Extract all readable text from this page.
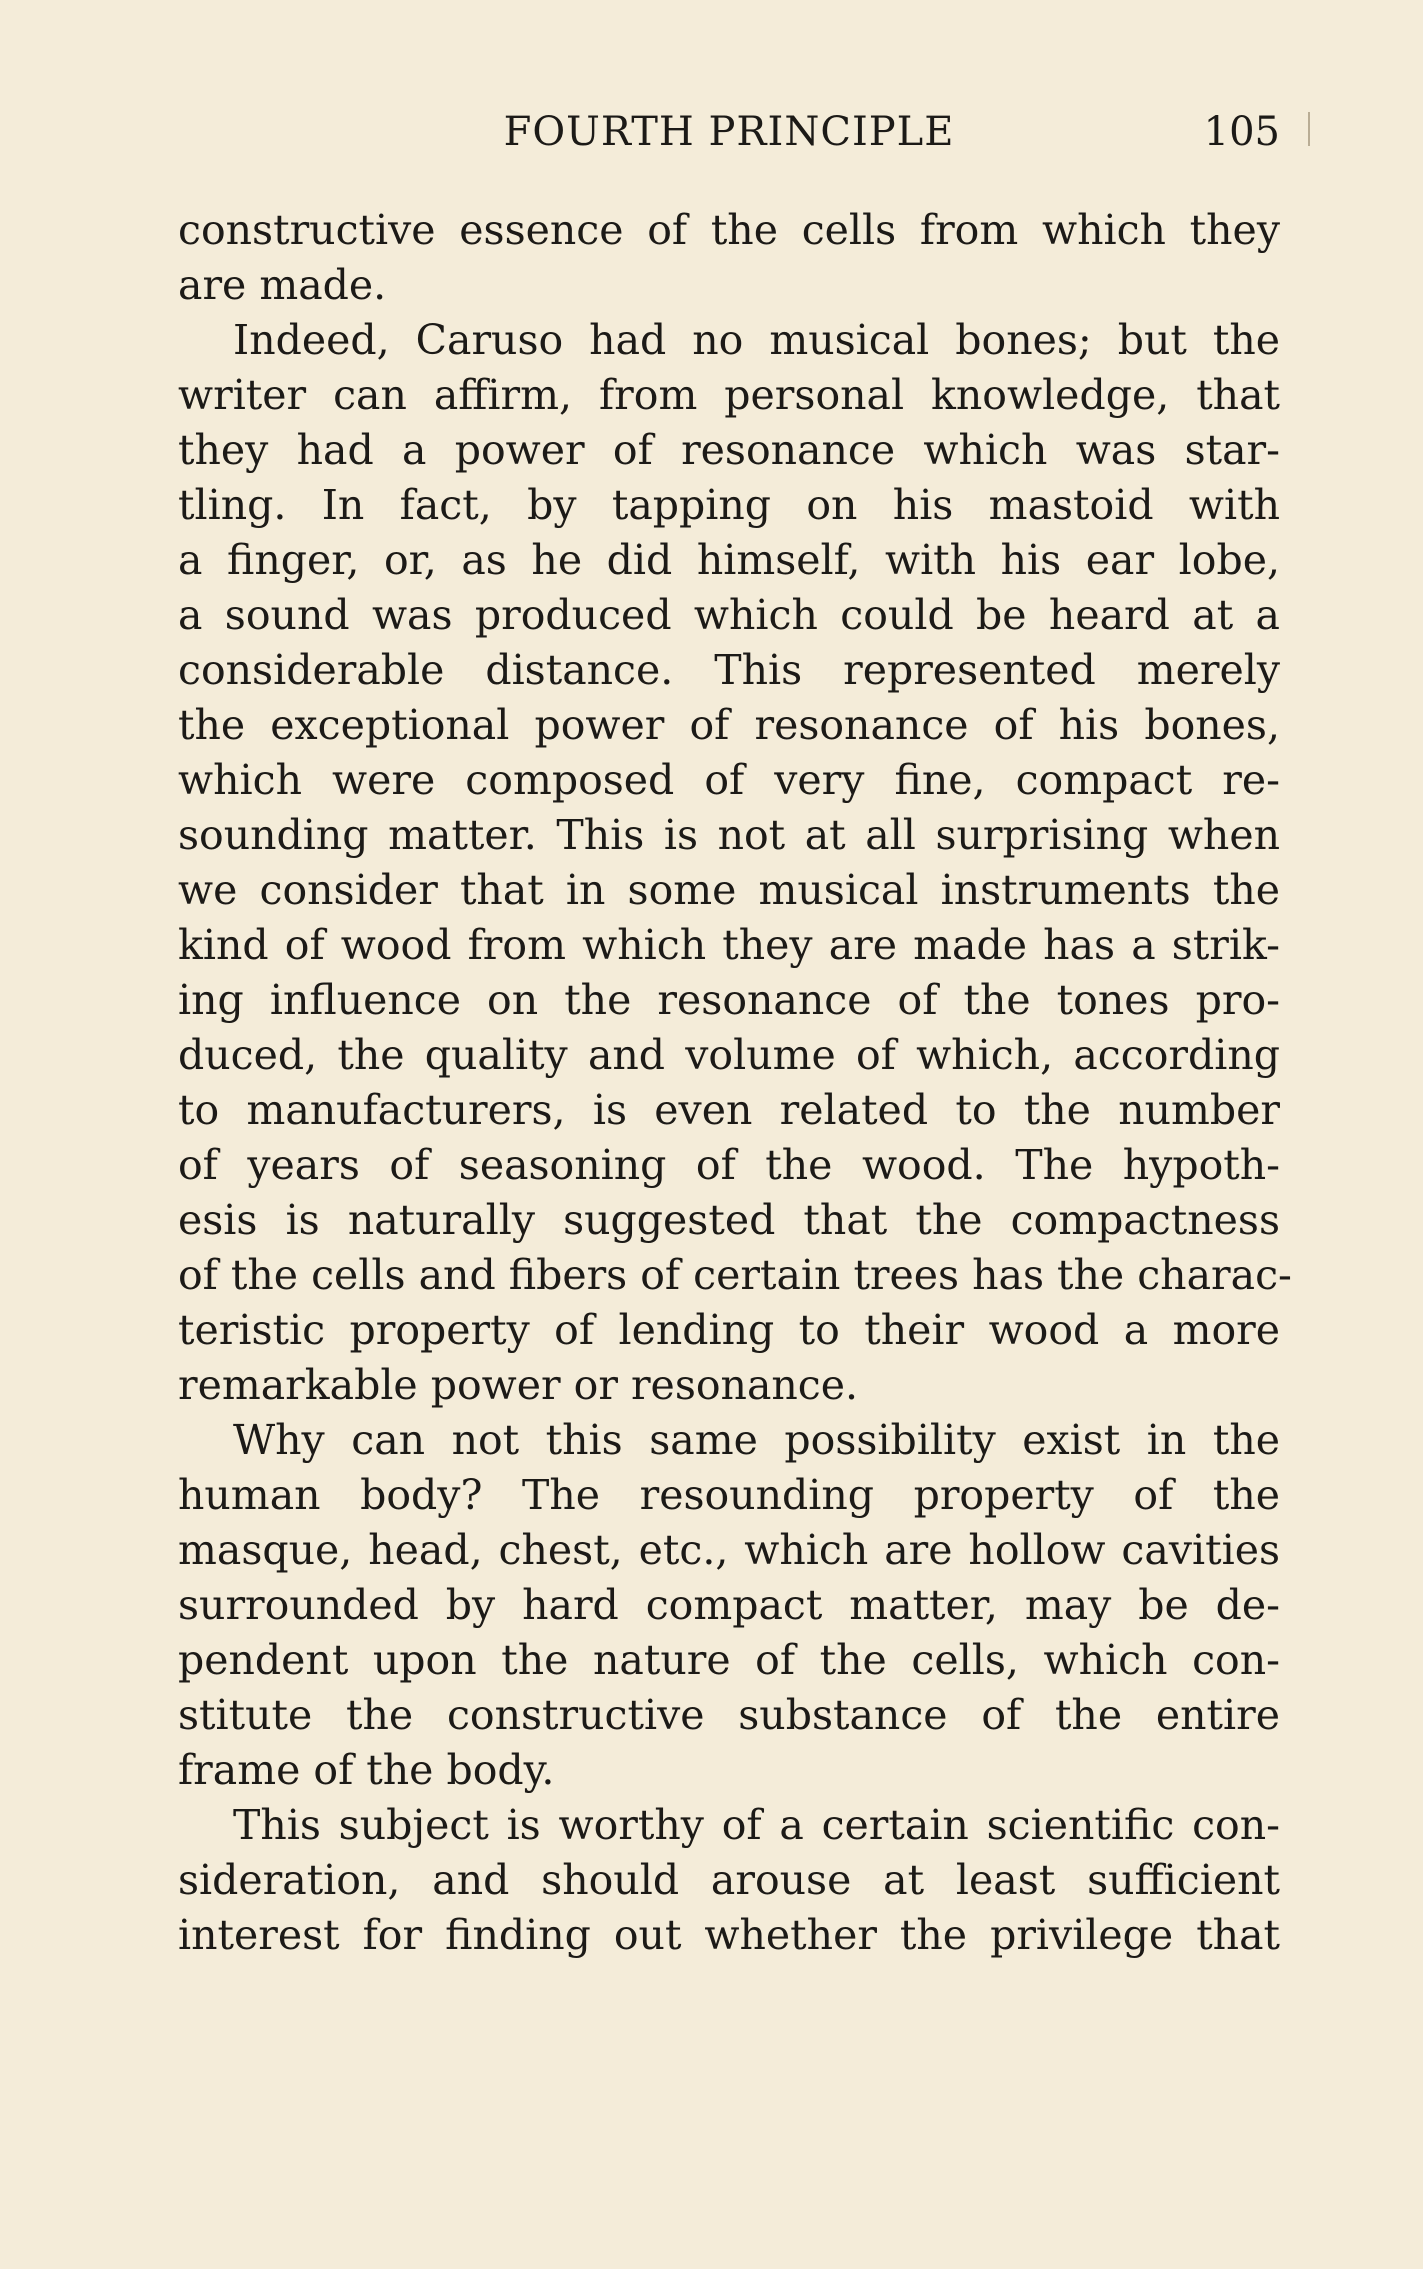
FOURTH PRINCIPLE	105
constructive essence of the cells from which they
are made.
Indeed, Caruso had no musical bones; but the
writer can affirm, from personal knowledge, that
they had a power of resonance which was star-
tling. In fact, by tapping on his mastoid with
a finger, or, as he did himself, with his ear lobe,
a sound was produced which could be heard at a
considerable distance. This represented merely
the exceptional power of resonance of his bones,
which were composed of very fine, compact re-
sounding matter. This is not at all surprising when
we consider that in some musical instruments the
kind of wood from which they are made has a strik-
ing influence on the resonance of the tones pro-
duced, the quality and volume of which, according
to manufacturers, is even related to the number
of years of seasoning of the wood. The hypoth-
esis is naturally suggested that the compactness
of the cells and fibers of certain trees has the charac-
teristic property of lending to their wood a more
remarkable power or resonance.
Why can not this same possibility exist in the
human body? The resounding property of the
masque, head, chest, etc., which are hollow cavities
surrounded by hard compact matter, may be de-
pendent upon the nature of the cells, which con-
stitute the constructive substance of the entire
frame of the body.
This subject is worthy of a certain scientific con-
sideration, and should arouse at least sufficient
interest for finding out whether the privilege that
